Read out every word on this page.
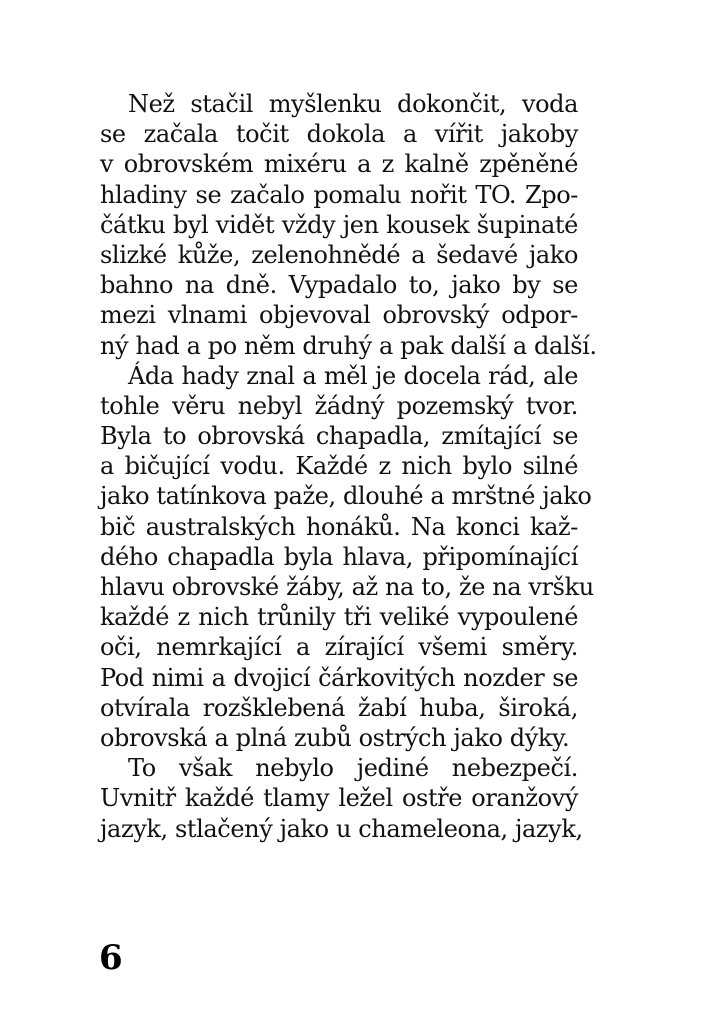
Než stačil myšlenku dokončit, voda
se začala točit dokola a vířit jakoby
v obrovském mixéru a z kalně zpěněné
hladiny se začalo pomalu nořit TO. Zpo-
čátku byl vidět vždy jen kousek šupinaté
slizké kůže, zelenohnědé a šedavé jako
bahno na dně. Vypadalo to, jako by se
mezi vlnami objevoval obrovský odpor-
ný had a po něm druhý a pak další a další.
Áda hady znal a měl je docela rád, ale
tohle věru nebyl žádný pozemský tvor.
Byla to obrovská chapadla, zmítající se
a bičující vodu. Každé z nich bylo silné
jako tatínkova paže, dlouhé a mrštné jako
bič australských honáků. Na konci kaž-
dého chapadla byla hlava, připomínající
hlavu obrovské žáby, až na to, že na vršku
každé z nich trůnily tři veliké vypoulené
oči, nemrkající a zírající všemi směry.
Pod nimi a dvojicí čárkovitých nozder se
otvírala rozšklebená žabí huba, široká,
obrovská a plná zubů ostrých jako dýky.
To však nebylo jediné nebezpečí.
Uvnitř každé tlamy ležel ostře oranžový
jazyk, stlačený jako u chameleona, jazyk,
6
